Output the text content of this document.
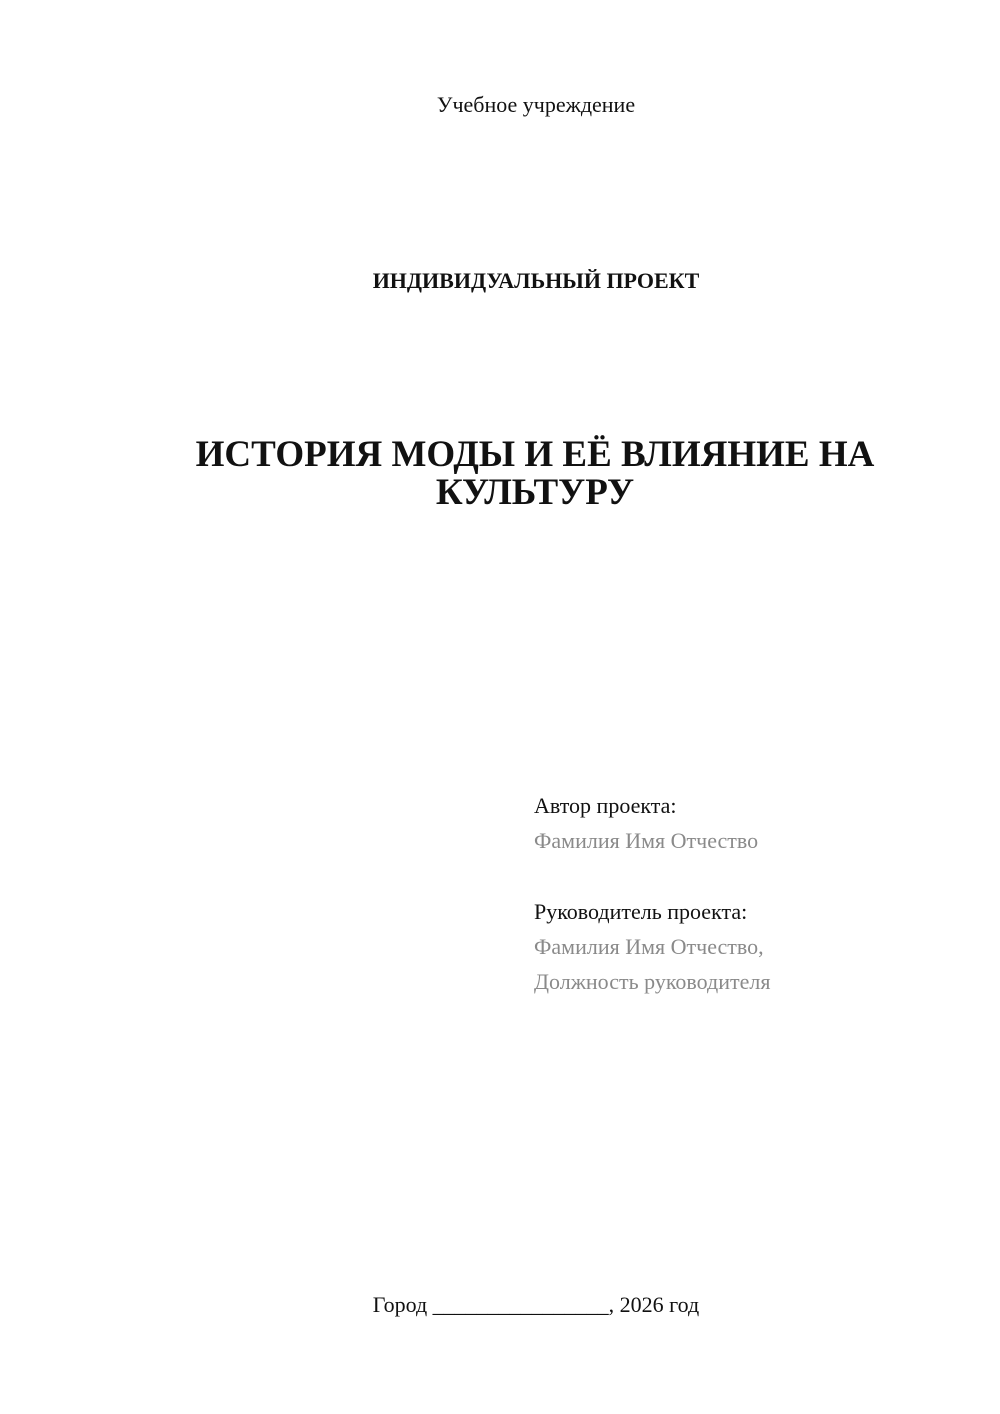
Учебное учреждение
ИНДИВИДУАЛЬНЫЙ ПРОЕКТ
ИСТОРИЯ МОДЫ И ЕЁ ВЛИЯНИЕ НА
КУЛЬТУРУ
Автор проекта:
Фамилия Имя Отчество
Руководитель проекта:
Фамилия Имя Отчество,
Должность руководителя
Город ________________, 2026 год
